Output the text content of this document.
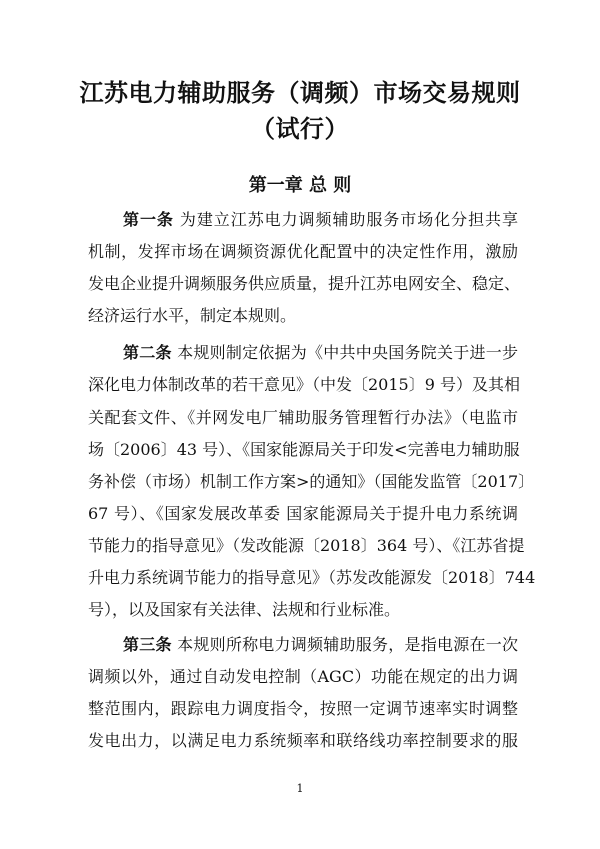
江苏电力辅助服务（调频）市场交易规则
（试行）
第一章 总 则

第一条 为建立江苏电力调频辅助服务市场化分担共享

机制，发挥市场在调频资源优化配置中的决定性作用，激励

发电企业提升调频服务供应质量，提升江苏电网安全、稳定、

经济运行水平，制定本规则。

第二条 本规则制定依据为《中共中央国务院关于进一步

深化电力体制改革的若干意见》（中发〔2015〕9 号）及其相

关配套文件、《并网发电厂辅助服务管理暂行办法》（电监市

场〔2006〕43 号）、《国家能源局关于印发<完善电力辅助服

务补偿（市场）机制工作方案>的通知》（国能发监管〔2017〕

67 号）、《国家发展改革委 国家能源局关于提升电力系统调

节能力的指导意见》（发改能源〔2018〕364 号）、《江苏省提

升电力系统调节能力的指导意见》（苏发改能源发〔2018〕744

号），以及国家有关法律、法规和行业标准。

第三条 本规则所称电力调频辅助服务，是指电源在一次

调频以外，通过自动发电控制（AGC）功能在规定的出力调

整范围内，跟踪电力调度指令，按照一定调节速率实时调整

发电出力，以满足电力系统频率和联络线功率控制要求的服

1
